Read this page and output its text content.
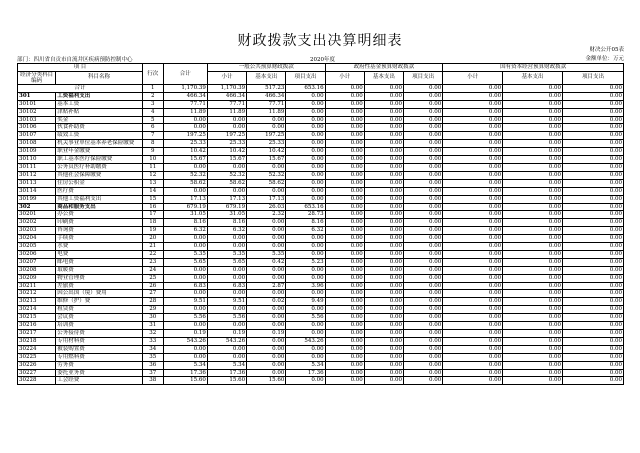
财政拨款支出决算明细表
财决公开05表
金额单位：万元
部门：四川省自贡市自流井区疾病预防控制中心	2020年度
项 目		行次	合计	一般公共预算财政拨款			政府性基金预算财政拨款			国有资本经营预算财政拨款		
经济分类科目编码	科目名称			小计	基本支出	项目支出	小计	基本支出	项目支出	小计	基本支出	项目支出
合计		1	1,170.39	1,170.39	517.23	653.16	0.00	0.00	0.00	0.00	0.00	0.00
301	工资福利支出	2	466.34	466.34	466.34	0.00	0.00	0.00	0.00	0.00	0.00	0.00
30101	基本工资	3	77.71	77.71	77.71	0.00	0.00	0.00	0.00	0.00	0.00	0.00
30102	津贴补贴	4	11.89	11.89	11.89	0.00	0.00	0.00	0.00	0.00	0.00	0.00
30103	奖金	5	0.00	0.00	0.00	0.00	0.00	0.00	0.00	0.00	0.00	0.00
30106	伙食补助费	6	0.00	0.00	0.00	0.00	0.00	0.00	0.00	0.00	0.00	0.00
30107	绩效工资	7	197.25	197.25	197.25	0.00	0.00	0.00	0.00	0.00	0.00	0.00
30108	机关事业单位基本养老保险缴费	8	25.33	25.33	25.33	0.00	0.00	0.00	0.00	0.00	0.00	0.00
30109	职业年金缴费	9	10.42	10.42	10.42	0.00	0.00	0.00	0.00	0.00	0.00	0.00
30110	职工基本医疗保险缴费	10	15.67	15.67	15.67	0.00	0.00	0.00	0.00	0.00	0.00	0.00
30111	公务员医疗补助缴费	11	0.00	0.00	0.00	0.00	0.00	0.00	0.00	0.00	0.00	0.00
30112	其他社会保障缴费	12	52.32	52.32	52.32	0.00	0.00	0.00	0.00	0.00	0.00	0.00
30113	住房公积金	13	58.62	58.62	58.62	0.00	0.00	0.00	0.00	0.00	0.00	0.00
30114	医疗费	14	0.00	0.00	0.00	0.00	0.00	0.00	0.00	0.00	0.00	0.00
30199	其他工资福利支出	15	17.13	17.13	17.13	0.00	0.00	0.00	0.00	0.00	0.00	0.00
302	商品和服务支出	16	679.19	679.19	26.03	653.16	0.00	0.00	0.00	0.00	0.00	0.00
30201	办公费	17	31.05	31.05	2.32	28.73	0.00	0.00	0.00	0.00	0.00	0.00
30202	印刷费	18	8.16	8.16	0.00	8.16	0.00	0.00	0.00	0.00	0.00	0.00
30203	咨询费	19	6.32	6.32	0.00	6.32	0.00	0.00	0.00	0.00	0.00	0.00
30204	手续费	20	0.00	0.00	0.00	0.00	0.00	0.00	0.00	0.00	0.00	0.00
30205	水费	21	0.00	0.00	0.00	0.00	0.00	0.00	0.00	0.00	0.00	0.00
30206	电费	22	5.35	5.35	5.35	0.00	0.00	0.00	0.00	0.00	0.00	0.00
30207	邮电费	23	5.65	5.65	0.42	5.23	0.00	0.00	0.00	0.00	0.00	0.00
30208	取暖费	24	0.00	0.00	0.00	0.00	0.00	0.00	0.00	0.00	0.00	0.00
30209	物业管理费	25	0.00	0.00	0.00	0.00	0.00	0.00	0.00	0.00	0.00	0.00
30211	差旅费	26	6.83	6.83	2.87	3.96	0.00	0.00	0.00	0.00	0.00	0.00
30212	因公出国（境）费用	27	0.00	0.00	0.00	0.00	0.00	0.00	0.00	0.00	0.00	0.00
30213	维修（护）费	28	9.51	9.51	0.02	9.49	0.00	0.00	0.00	0.00	0.00	0.00
30214	租赁费	29	0.00	0.00	0.00	0.00	0.00	0.00	0.00	0.00	0.00	0.00
30215	会议费	30	5.56	5.56	0.00	5.56	0.00	0.00	0.00	0.00	0.00	0.00
30216	培训费	31	0.00	0.00	0.00	0.00	0.00	0.00	0.00	0.00	0.00	0.00
30217	公务接待费	32	0.19	0.19	0.19	0.00	0.00	0.00	0.00	0.00	0.00	0.00
30218	专用材料费	33	543.26	543.26	0.00	543.26	0.00	0.00	0.00	0.00	0.00	0.00
30224	被装购置费	34	0.00	0.00	0.00	0.00	0.00	0.00	0.00	0.00	0.00	0.00
30225	专用燃料费	35	0.00	0.00	0.00	0.00	0.00	0.00	0.00	0.00	0.00	0.00
30226	劳务费	36	5.34	5.34	0.00	5.34	0.00	0.00	0.00	0.00	0.00	0.00
30227	委托业务费	37	17.36	17.36	0.00	17.36	0.00	0.00	0.00	0.00	0.00	0.00
30228	工会经费	38	15.60	15.60	15.60	0.00	0.00	0.00	0.00	0.00	0.00	0.00
